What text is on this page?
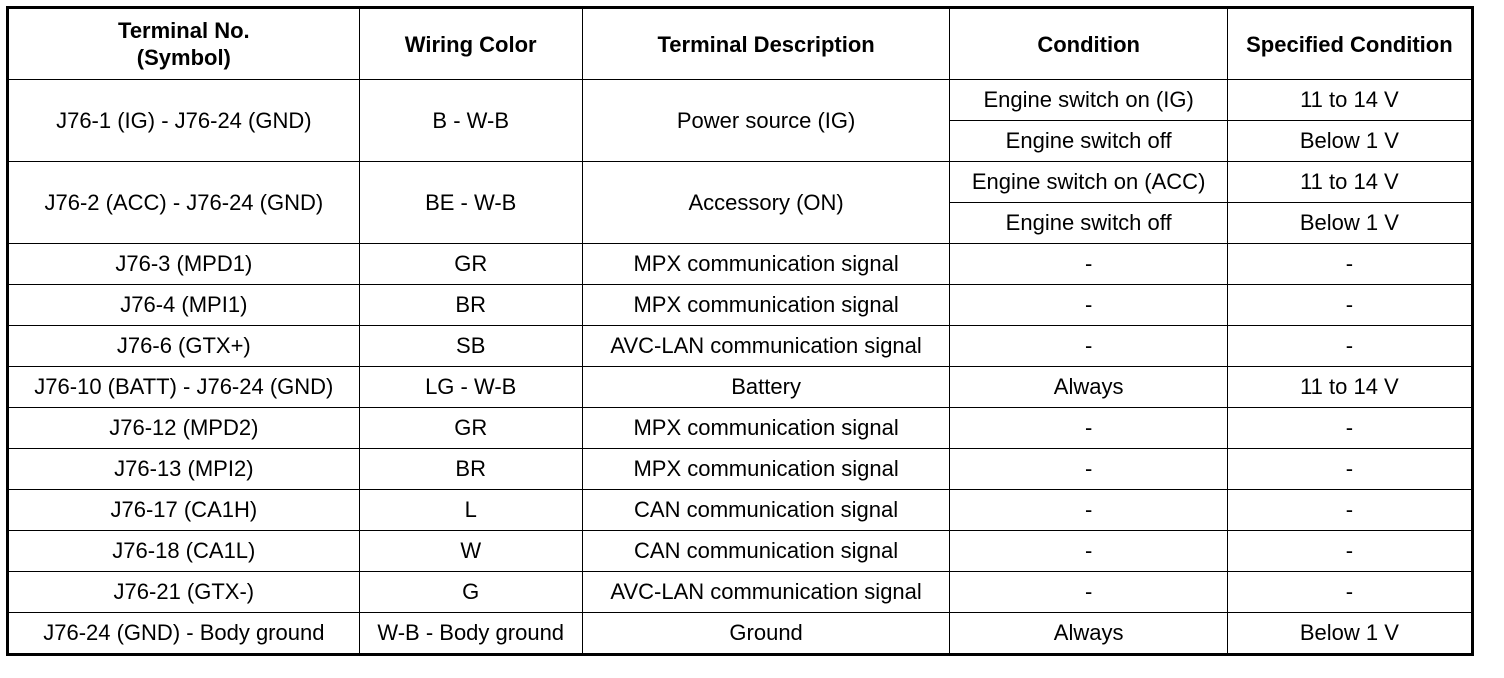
Terminal No.
(Symbol)	Wiring Color	Terminal Description	Condition	Specified Condition
J76-1 (IG) - J76-24 (GND)	B - W-B	Power source (IG)	Engine switch on (IG)	11 to 14 V
			Engine switch off	Below 1 V
J76-2 (ACC) - J76-24 (GND)	BE - W-B	Accessory (ON)	Engine switch on (ACC)	11 to 14 V
			Engine switch off	Below 1 V
J76-3 (MPD1)	GR	MPX communication signal	-	-
J76-4 (MPI1)	BR	MPX communication signal	-	-
J76-6 (GTX+)	SB	AVC-LAN communication signal	-	-
J76-10 (BATT) - J76-24 (GND)	LG - W-B	Battery	Always	11 to 14 V
J76-12 (MPD2)	GR	MPX communication signal	-	-
J76-13 (MPI2)	BR	MPX communication signal	-	-
J76-17 (CA1H)	L	CAN communication signal	-	-
J76-18 (CA1L)	W	CAN communication signal	-	-
J76-21 (GTX-)	G	AVC-LAN communication signal	-	-
J76-24 (GND) - Body ground	W-B - Body ground	Ground	Always	Below 1 V
